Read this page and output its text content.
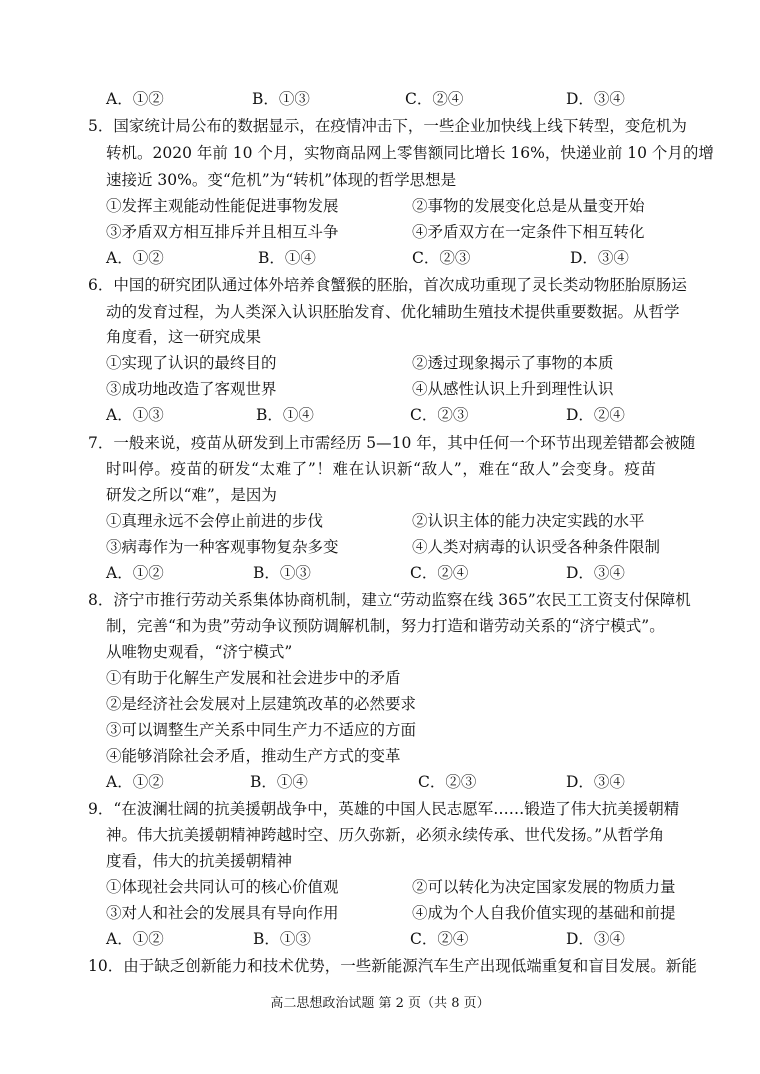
A．①②	B．①③	C．②④	D．③④
5．国家统计局公布的数据显示，在疫情冲击下，一些企业加快线上线下转型，变危机为
转机。2020 年前 10 个月，实物商品网上零售额同比增长 16%，快递业前 10 个月的增
速接近 30%。变“危机”为“转机”体现的哲学思想是
①发挥主观能动性能促进事物发展	②事物的发展变化总是从量变开始
③矛盾双方相互排斥并且相互斗争	④矛盾双方在一定条件下相互转化
A．①②	B．①④	C．②③	D．③④
6．中国的研究团队通过体外培养食蟹猴的胚胎，首次成功重现了灵长类动物胚胎原肠运
动的发育过程，为人类深入认识胚胎发育、优化辅助生殖技术提供重要数据。从哲学
角度看，这一研究成果
①实现了认识的最终目的	②透过现象揭示了事物的本质
③成功地改造了客观世界	④从感性认识上升到理性认识
A．①③	B．①④	C．②③	D．②④
7．一般来说，疫苗从研发到上市需经历 5—10 年，其中任何一个环节出现差错都会被随
时叫停。疫苗的研发“太难了”！难在认识新“敌人”，难在“敌人”会变身。疫苗
研发之所以“难”，是因为
①真理永远不会停止前进的步伐	②认识主体的能力决定实践的水平
③病毒作为一种客观事物复杂多变	④人类对病毒的认识受各种条件限制
A．①②	B．①③	C．②④	D．③④
8．济宁市推行劳动关系集体协商机制，建立“劳动监察在线 365”农民工工资支付保障机
制，完善“和为贵”劳动争议预防调解机制，努力打造和谐劳动关系的“济宁模式”。
从唯物史观看，“济宁模式”
①有助于化解生产发展和社会进步中的矛盾
②是经济社会发展对上层建筑改革的必然要求
③可以调整生产关系中同生产力不适应的方面
④能够消除社会矛盾，推动生产方式的变革
A．①②	B．①④	C．②③	D．③④
9．“在波澜壮阔的抗美援朝战争中，英雄的中国人民志愿军……锻造了伟大抗美援朝精
神。伟大抗美援朝精神跨越时空、历久弥新，必须永续传承、世代发扬。”从哲学角
度看，伟大的抗美援朝精神
①体现社会共同认可的核心价值观	②可以转化为决定国家发展的物质力量
③对人和社会的发展具有导向作用	④成为个人自我价值实现的基础和前提
A．①②	B．①③	C．②④	D．③④
10．由于缺乏创新能力和技术优势，一些新能源汽车生产出现低端重复和盲目发展。新能
高二思想政治试题 第 2 页（共 8 页）
